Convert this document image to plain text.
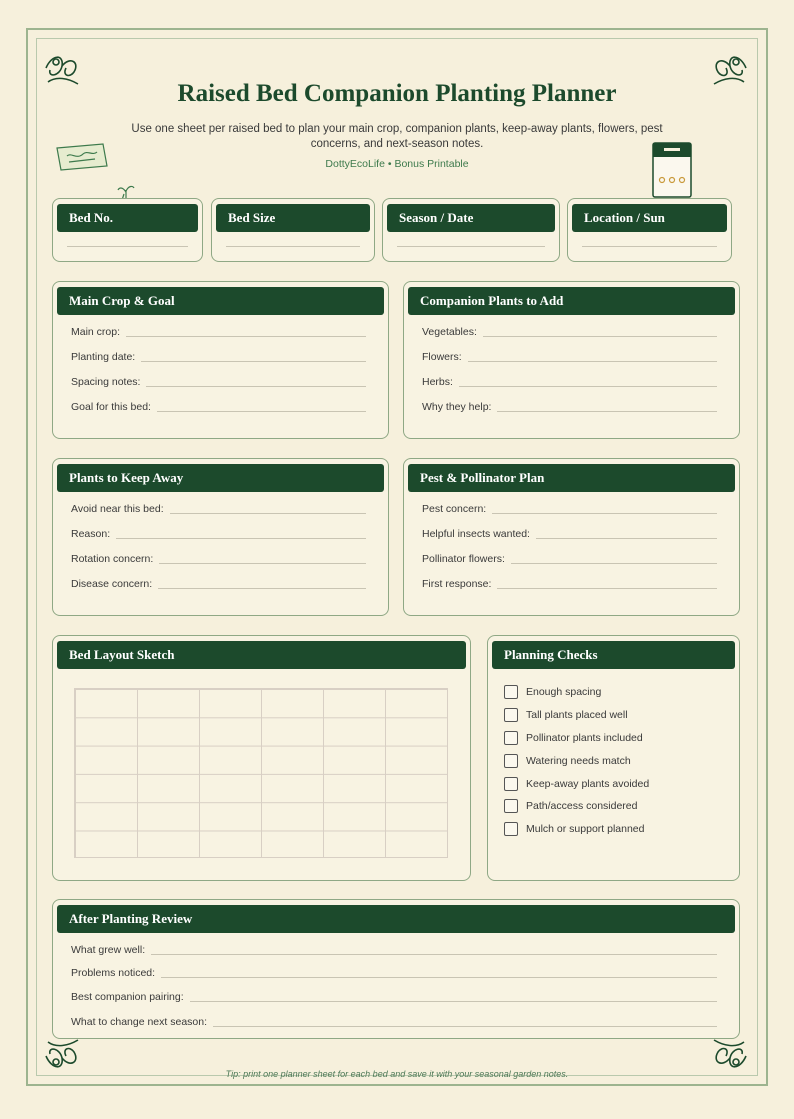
Raised Bed Companion Planting Planner
Use one sheet per raised bed to plan your main crop, companion plants, keep-away plants, flowers, pest concerns, and next-season notes.
DottyEcoLife • Bonus Printable
Bed No.	Bed Size	Season / Date	Location / Sun
Main Crop & Goal
Main crop:
Planting date:
Spacing notes:
Goal for this bed:
Companion Plants to Add
Vegetables:
Flowers:
Herbs:
Why they help:
Plants to Keep Away
Avoid near this bed:
Reason:
Rotation concern:
Disease concern:
Pest & Pollinator Plan
Pest concern:
Helpful insects wanted:
Pollinator flowers:
First response:
Bed Layout Sketch	Planning Checks
Enough spacing
Tall plants placed well
Pollinator plants included
Watering needs match
Keep-away plants avoided
Path/access considered
Mulch or support planned
After Planting Review
What grew well:
Problems noticed:
Best companion pairing:
What to change next season:
Tip: print one planner sheet for each bed and save it with your seasonal garden notes.
